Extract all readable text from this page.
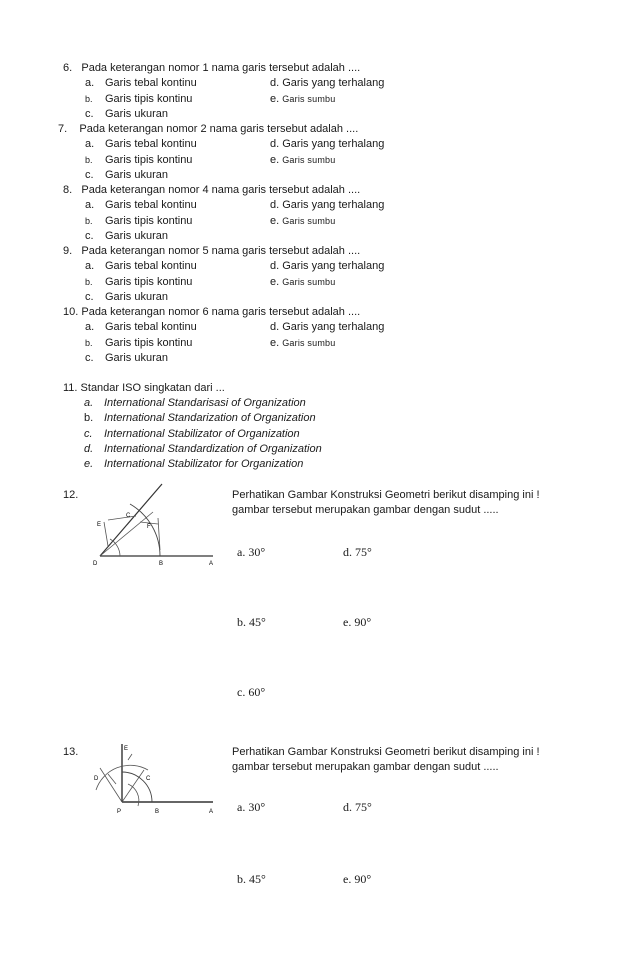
6. Pada keterangan nomor 1 nama garis tersebut adalah ....
a. Garis tebal kontinu	d. Garis yang terhalang
b. Garis tipis kontinu	e. Garis sumbu
c. Garis ukuran
7. Pada keterangan nomor 2 nama garis tersebut adalah ....
a. Garis tebal kontinu	d. Garis yang terhalang
b. Garis tipis kontinu	e. Garis sumbu
c. Garis ukuran
8. Pada keterangan nomor 4 nama garis tersebut adalah ....
a. Garis tebal kontinu	d. Garis yang terhalang
b. Garis tipis kontinu	e. Garis sumbu
c. Garis ukuran
9. Pada keterangan nomor 5 nama garis tersebut adalah ....
a. Garis tebal kontinu	d. Garis yang terhalang
b. Garis tipis kontinu	e. Garis sumbu
c. Garis ukuran
10. Pada keterangan nomor 6 nama garis tersebut adalah ....
a. Garis tebal kontinu	d. Garis yang terhalang
b. Garis tipis kontinu	e. Garis sumbu
c. Garis ukuran
11. Standar ISO singkatan dari ...
a. International Standarisasi of Organization
b. International Standarization of Organization
c. International Stabilizator of Organization
d. International Standardization of Organization
e. International Stabilizator for Organization
12.
C
E	F
D	B	A
Perhatikan Gambar Konstruksi Geometri berikut disamping ini !
gambar tersebut merupakan gambar dengan sudut .....
a. 30°	d. 75°
b. 45°	e. 90°
c. 60°
13.	E
D	C
P	B	A
Perhatikan Gambar Konstruksi Geometri berikut disamping ini !
gambar tersebut merupakan gambar dengan sudut .....
a. 30°	d. 75°
b. 45°	e. 90°
